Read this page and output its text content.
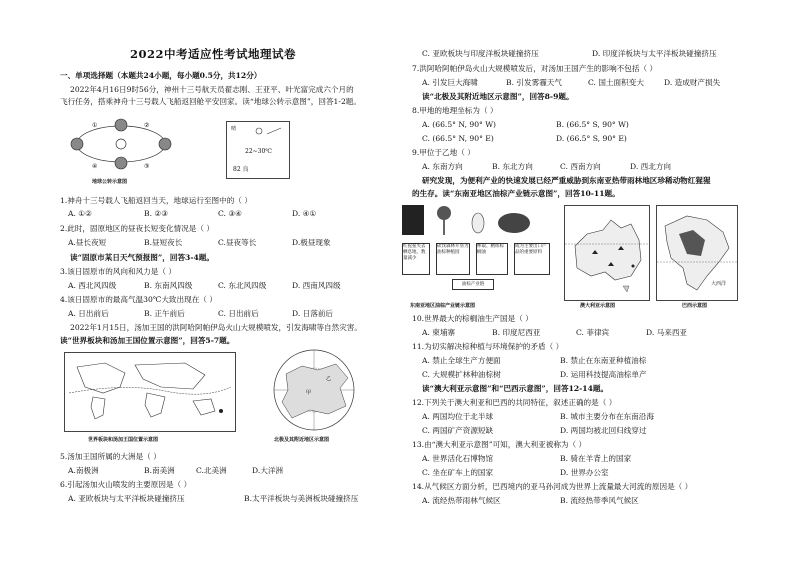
2022中考适应性考试地理试卷
一、单项选择题（本题共24小题，每小题0.5分，共12分）
2022年4月16日9时56分，神州十三号航天员翟志刚、王亚平、叶光富完成六个月的
飞行任务，搭乘神舟十三号载人飞船返回舱平安回家。读“地球公转示意图”，回答1-2题。
①	②
③
④
地球公转示意图
晴
22~30℃
82 良
1.神舟十三号载人飞船返回当天，地球运行至图中的（ ）
A. ①②	B. ②③	C. ③④	D. ④①
2.此时，固原地区的昼夜长短变化情况是（ ）
A.昼长夜短	B.昼短夜长	C.昼夜等长	D.极昼现象
读“固原市某日天气预报图”，回答3-4题。
3.该日固原市的风向和风力是（ ）
A. 西北风四级	B. 东南风四级	C. 东北风四级	D. 西南风四级
4.该日固原市的最高气温30℃大致出现在（ ）
A. 日出前后	B. 正午前后	C. 日出前后	D. 日落前后
2022年1月15日，汤加王国的洪阿哈阿帕伊岛火山大规模喷发，引发海啸等自然灾害。
读“世界板块和汤加王国位置示意图”，回答5-7题。
世界板块和汤加王国位置示意图
甲
乙
北极及其附近地区示意图
5.汤加王国所属的大洲是（ ）
A.南极洲	B.南美洲	C.北美洲	D.大洋洲
6.引起汤加火山喷发的主要原因是（ ）
A. 亚欧板块与太平洋板块碰撞挤压	B.太平洋板块与美洲板块碰撞挤压
C. 亚欧板块与印度洋板块碰撞挤压	D. 印度洋板块与太平洋板块碰撞挤压
7.洪阿哈阿帕伊岛火山大规模喷发后，对汤加王国产生的影响不包括（ ）
A. 引发巨大海啸	B. 引发雾霾天气	C. 国土面积变大	D. 造成财产损失
读“北极及其附近地区示意图”，回答8-9题。
8.甲地的地理坐标为（ ）
A. (66.5° N, 90° W)	B. (66.5° S, 90° W)
C. (66.5° N, 90° E)	D. (66.5° S, 90° E)
9.甲位于乙地（ ）
A. 东南方向	B. 东北方向	C. 西南方向	D. 西北方向
研究发现，为便利产业的快速发展已经严重威胁到东南亚热带雨林地区珍稀动物红猩猩
的生存。读“东南亚地区油棕产业链示意图”，回答10-11题。
红猩猩失去栖息地，数量减少
砍伐森林开垦为油棕种植园
榨取、精炼棕榈油
成为主要出口产品的重要原料
油棕产业链
东南亚地区油棕产业链示意图	澳大利亚示意图
大西洋
巴西示意图
10.世界最大的棕榈油生产国是（ ）
A. 柬埔寨	B. 印度尼西亚	C. 菲律宾	D. 马来西亚
11.为切实解决棕种植与环境保护的矛盾（ ）
A. 禁止全球生产方便面	B. 禁止在东南亚种植油棕
C. 大规模扩林种油棕树	D. 运用科技提高油棕单产
读“澳大利亚示意图”和“巴西示意图”，回答12-14题。
12.下列关于澳大利亚和巴西的共同特征，叙述正确的是（ ）
A. 两国均位于北半球	B. 城市主要分布在东南沿海
C. 两国矿产资源短缺	D. 两国均被北回归线穿过
13.由“澳大利亚示意图”可知，澳大利亚被称为（ ）
A. 世界活化石博物馆	B. 骑在羊背上的国家
C. 坐在矿车上的国家	D. 世界办公室
14.从气候区方面分析，巴西境内的亚马孙河成为世界上流量最大河流的原因是（ ）
A. 流经热带雨林气候区	B. 流经热带季风气候区
